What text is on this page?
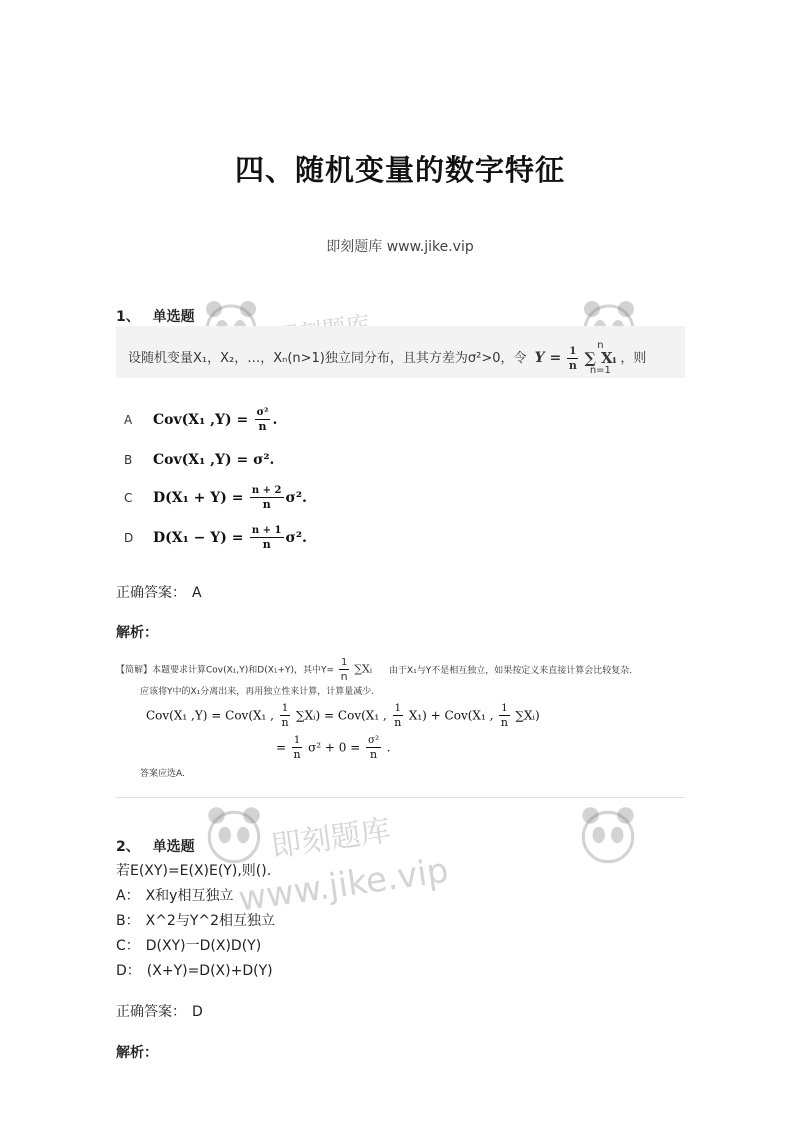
四、随机变量的数字特征
即刻题库 www.jike.vip
即刻题库
www.jike.vip
1、 单选题
设随机变量X₁，X₂，…，Xₙ(n>1)独立同分布，且其方差为σ²>0，令 $Y = \frac{1}{n}$

n
∑ Xᵢ
n=1
，则
A Cov(X₁ $,Y) = \frac{\text{σ²}}{n}$ .
B Cov(X₁ ,Y) = σ².
C $D(X_1 + Y) = \frac{n + 2}{n} \sigma^2$.
D $D(X_1 - Y) = \frac{n + 1}{n} \sigma^2$.
正确答案： A
解析：
【简解】本题要求计算Cov(X₁,Y)和D(X₁+Y)，其中$Y= \frac{1}{n}$ ∑Xᵢ 由于X₁与Y不是相互独立，如果按定义来直接计算会比较复杂.
应该将Y中的X₁分离出来，再用独立性来计算，计算量减少.
Cov(X₁ ,Y) = Cov(X₁ , $\frac{1}{n}$ ∑Xᵢ) = Cov(X₁ , $\frac{1}{n} X_1) + Cov(X_1$ , $\frac{1}{n}$ ∑Xᵢ)
= $\frac{1}{n} \sigma^2 + 0 = \frac{\text{σ²}}{n}$ .
答案应选A.
2、 单选题
若E(XY)=E(X)E(Y),则().
A： X和y相互独立
B： X^2与Y^2相互独立
C： D(XY)一D(X)D(Y)
D： (X+Y)=D(X)+D(Y)
正确答案： D
解析：
